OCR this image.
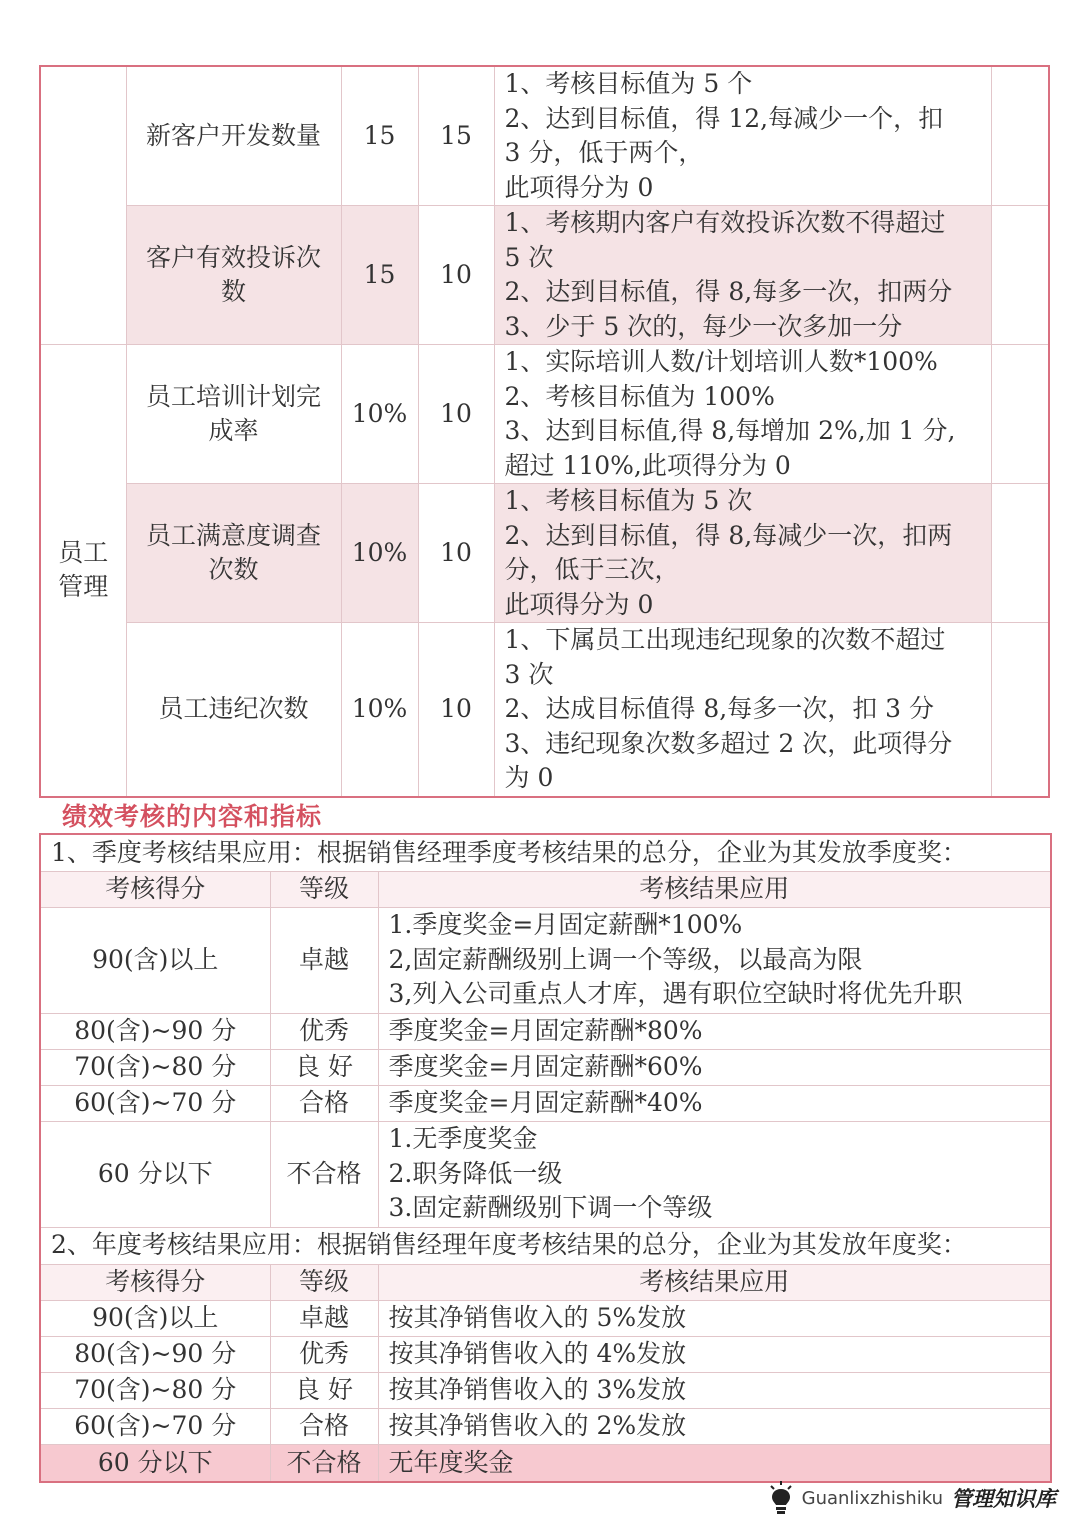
	新客户开发数量	15	15	1、考核目标值为 5 个
2、达到目标值，得 12,每减少一个，扣
3 分，低于两个，
此项得分为 0	

	客户有效投诉次
数	15	10	1、考核期内客户有效投诉次数不得超过
5 次
2、达到目标值，得 8,每多一次，扣两分
3、少于 5 次的，每少一次多加一分	

员工
管理	员工培训计划完
成率	10%	10	1、实际培训人数/计划培训人数*100%
2、考核目标值为 100%
3、达到目标值,得 8,每增加 2%,加 1 分,
超过 110%,此项得分为 0	

	员工满意度调查
次数	10%	10	1、考核目标值为 5 次
2、达到目标值，得 8,每减少一次，扣两
分，低于三次，
此项得分为 0	

	员工违纪次数	10%	10	1、下属员工出现违纪现象的次数不超过
3 次
2、达成目标值得 8,每多一次，扣 3 分
3、违纪现象次数多超过 2 次，此项得分
为 0	

绩效考核的内容和指标
1、季度考核结果应用：根据销售经理季度考核结果的总分，企业为其发放季度奖：		
考核得分	等级	考核结果应用
90(含)以上	卓越	1.季度奖金=月固定薪酬*100%
2,固定薪酬级别上调一个等级，以最高为限
3,列入公司重点人才库，遇有职位空缺时将优先升职

80(含)~90 分	优秀	季度奖金=月固定薪酬*80%
70(含)~80 分	良 好	季度奖金=月固定薪酬*60%
60(含)~70 分	合格	季度奖金=月固定薪酬*40%
60 分以下	不合格	1.无季度奖金
2.职务降低一级
3.固定薪酬级别下调一个等级

2、年度考核结果应用：根据销售经理年度考核结果的总分，企业为其发放年度奖：		
考核得分	等级	考核结果应用
90(含)以上	卓越	按其净销售收入的 5%发放
80(含)~90 分	优秀	按其净销售收入的 4%发放
70(含)~80 分	良 好	按其净销售收入的 3%发放
60(含)~70 分	合格	按其净销售收入的 2%发放
60 分以下	不合格	无年度奖金
Guanlixzhishiku 管理知识库
